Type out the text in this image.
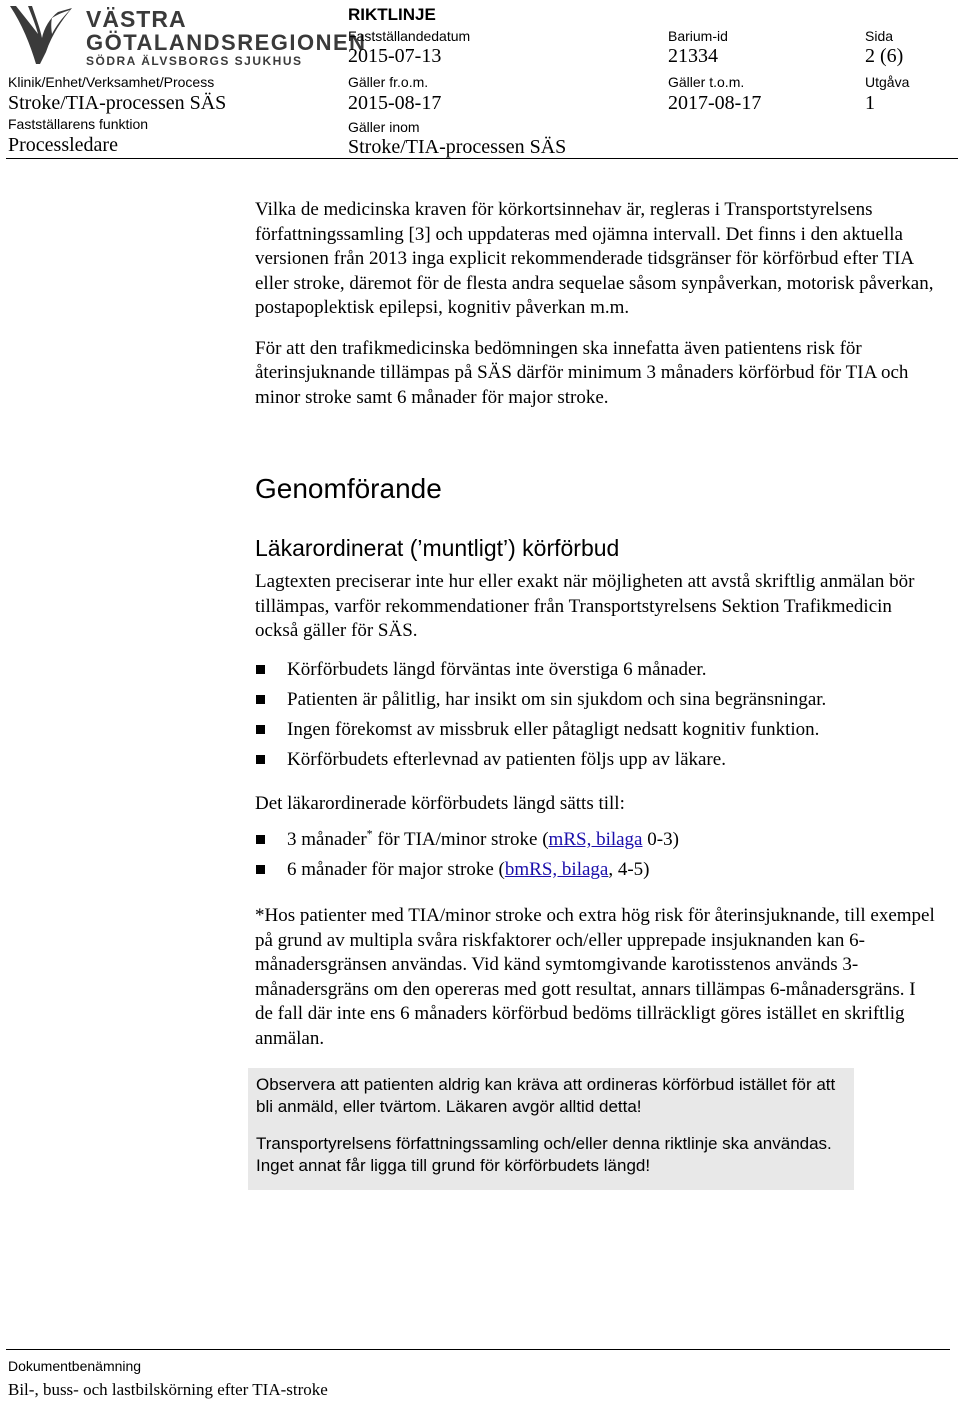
VÄSTRA
GÖTALANDSREGIONEN
SÖDRA ÄLVSBORGS SJUKHUS
RIKTLINJE
Fastställandedatum
2015-07-13
Barium-id
21334
Sida
2 (6)
Klinik/Enhet/Verksamhet/Process
Stroke/TIA-processen SÄS
Gäller fr.o.m.
2015-08-17
Gäller t.o.m.
2017-08-17
Utgåva
1
Fastställarens funktion
Processledare
Gäller inom
Stroke/TIA-processen SÄS

Vilka de medicinska kraven för körkortsinnehav är, regleras i Transportstyrelsens författningssamling [3] och uppdateras med ojämna intervall. Det finns i den aktuella versionen från 2013 inga explicit rekommenderade tidsgränser för körförbud efter TIA eller stroke, däremot för de flesta andra sequelae såsom synpåverkan, motorisk påverkan, postapoplektisk epilepsi, kognitiv påverkan m.m.

För att den trafikmedicinska bedömningen ska innefatta även patientens risk för återinsjuknande tillämpas på SÄS därför minimum 3 månaders körförbud för TIA och minor stroke samt 6 månader för major stroke.

Genomförande
Läkarordinerat (’muntligt’) körförbud

Lagtexten preciserar inte hur eller exakt när möjligheten att avstå skriftlig anmälan bör tillämpas, varför rekommendationer från Transportstyrelsens Sektion Trafikmedicin också gäller för SÄS.

Körförbudets längd förväntas inte överstiga 6 månader.
Patienten är pålitlig, har insikt om sin sjukdom och sina begränsningar.
Ingen förekomst av missbruk eller påtagligt nedsatt kognitiv funktion.
Körförbudets efterlevnad av patienten följs upp av läkare.

Det läkarordinerade körförbudets längd sätts till:

3 månader* för TIA/minor stroke (mRS, bilaga 0-3)
6 månader för major stroke (bmRS, bilaga, 4-5)

*Hos patienter med TIA/minor stroke och extra hög risk för återinsjuknande, till exempel på grund av multipla svåra riskfaktorer och/eller upprepade insjuknanden kan 6-månadersgränsen användas. Vid känd symtomgivande karotisstenos används 3-månadersgräns om den opereras med gott resultat, annars tillämpas 6-månadersgräns. I de fall där inte ens 6 månaders körförbud bedöms tillräckligt göres istället en skriftlig anmälan.

Observera att patienten aldrig kan kräva att ordineras körförbud istället för att bli anmäld, eller tvärtom. Läkaren avgör alltid detta!

Transportyrelsens författningssamling och/eller denna riktlinje ska användas. Inget annat får ligga till grund för körförbudets längd!

Dokumentbenämning
Bil-, buss- och lastbilskörning efter TIA-stroke
